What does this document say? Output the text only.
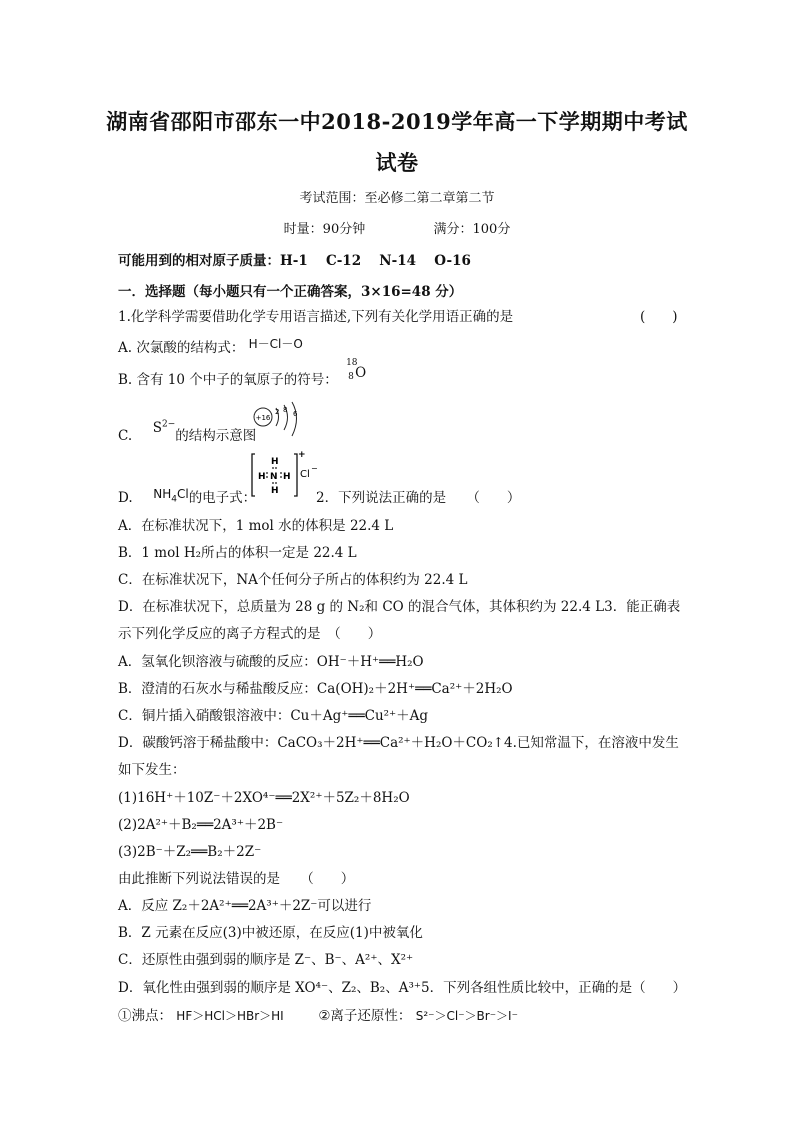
湖南省邵阳市邵东一中2018-2019学年高一下学期期中考试
试卷
考试范围：至必修二第二章第二节
时量：90分钟	满分：100分
可能用到的相对原子质量：H-1　 C-12　 N-14　 O-16
一．选择题（每小题只有一个正确答案，3×16=48 分）
1.化学科学需要借助化学专用语言描述,下列有关化学用语正确的是	(　　)
A. 次氯酸的结构式： H－Cl－O
B. 含有 10 个中子的氧原子的符号：
18
8 O
C. $S^{2-}$的结构示意图
+16
2 8 6
D. $NH_4Cl$的电子式：
H
H N H
H
+
Cl
−
2．下列说法正确的是　　（　　）
A．在标准状况下，1 mol 水的体积是 22.4 L
B．1 mol H₂所占的体积一定是 22.4 L
C．在标准状况下，NA个任何分子所占的体积约为 22.4 L
D．在标准状况下，总质量为 28 g 的 N₂和 CO 的混合气体，其体积约为 22.4 L3．能正确表
示下列化学反应的离子方程式的是　（　　）
A．氢氧化钡溶液与硫酸的反应：OH⁻＋H⁺══H₂O
B．澄清的石灰水与稀盐酸反应：Ca(OH)₂＋2H⁺══Ca²⁺＋2H₂O
C．铜片插入硝酸银溶液中：Cu＋Ag⁺══Cu²⁺＋Ag
D．碳酸钙溶于稀盐酸中：CaCO₃＋2H⁺══Ca²⁺＋H₂O＋CO₂↑4.已知常温下，在溶液中发生
如下发生：
(1)16H⁺＋10Z⁻＋2XO⁴⁻══2X²⁺＋5Z₂＋8H₂O
(2)2A²⁺＋B₂══2A³⁺＋2B⁻
(3)2B⁻＋Z₂══B₂＋2Z⁻
由此推断下列说法错误的是　　（　　）
A．反应 Z₂＋2A²⁺══2A³⁺＋2Z⁻可以进行
B．Z 元素在反应(3)中被还原，在反应(1)中被氧化
C．还原性由强到弱的顺序是 Z⁻、B⁻、A²⁺、X²⁺
D．氧化性由强到弱的顺序是 XO⁴⁻、Z₂、B₂、A³⁺5．下列各组性质比较中，正确的是（　　）
①沸点： HF＞HCl＞HBr＞HI	②离子还原性： S²⁻＞Cl⁻＞Br⁻＞I⁻
